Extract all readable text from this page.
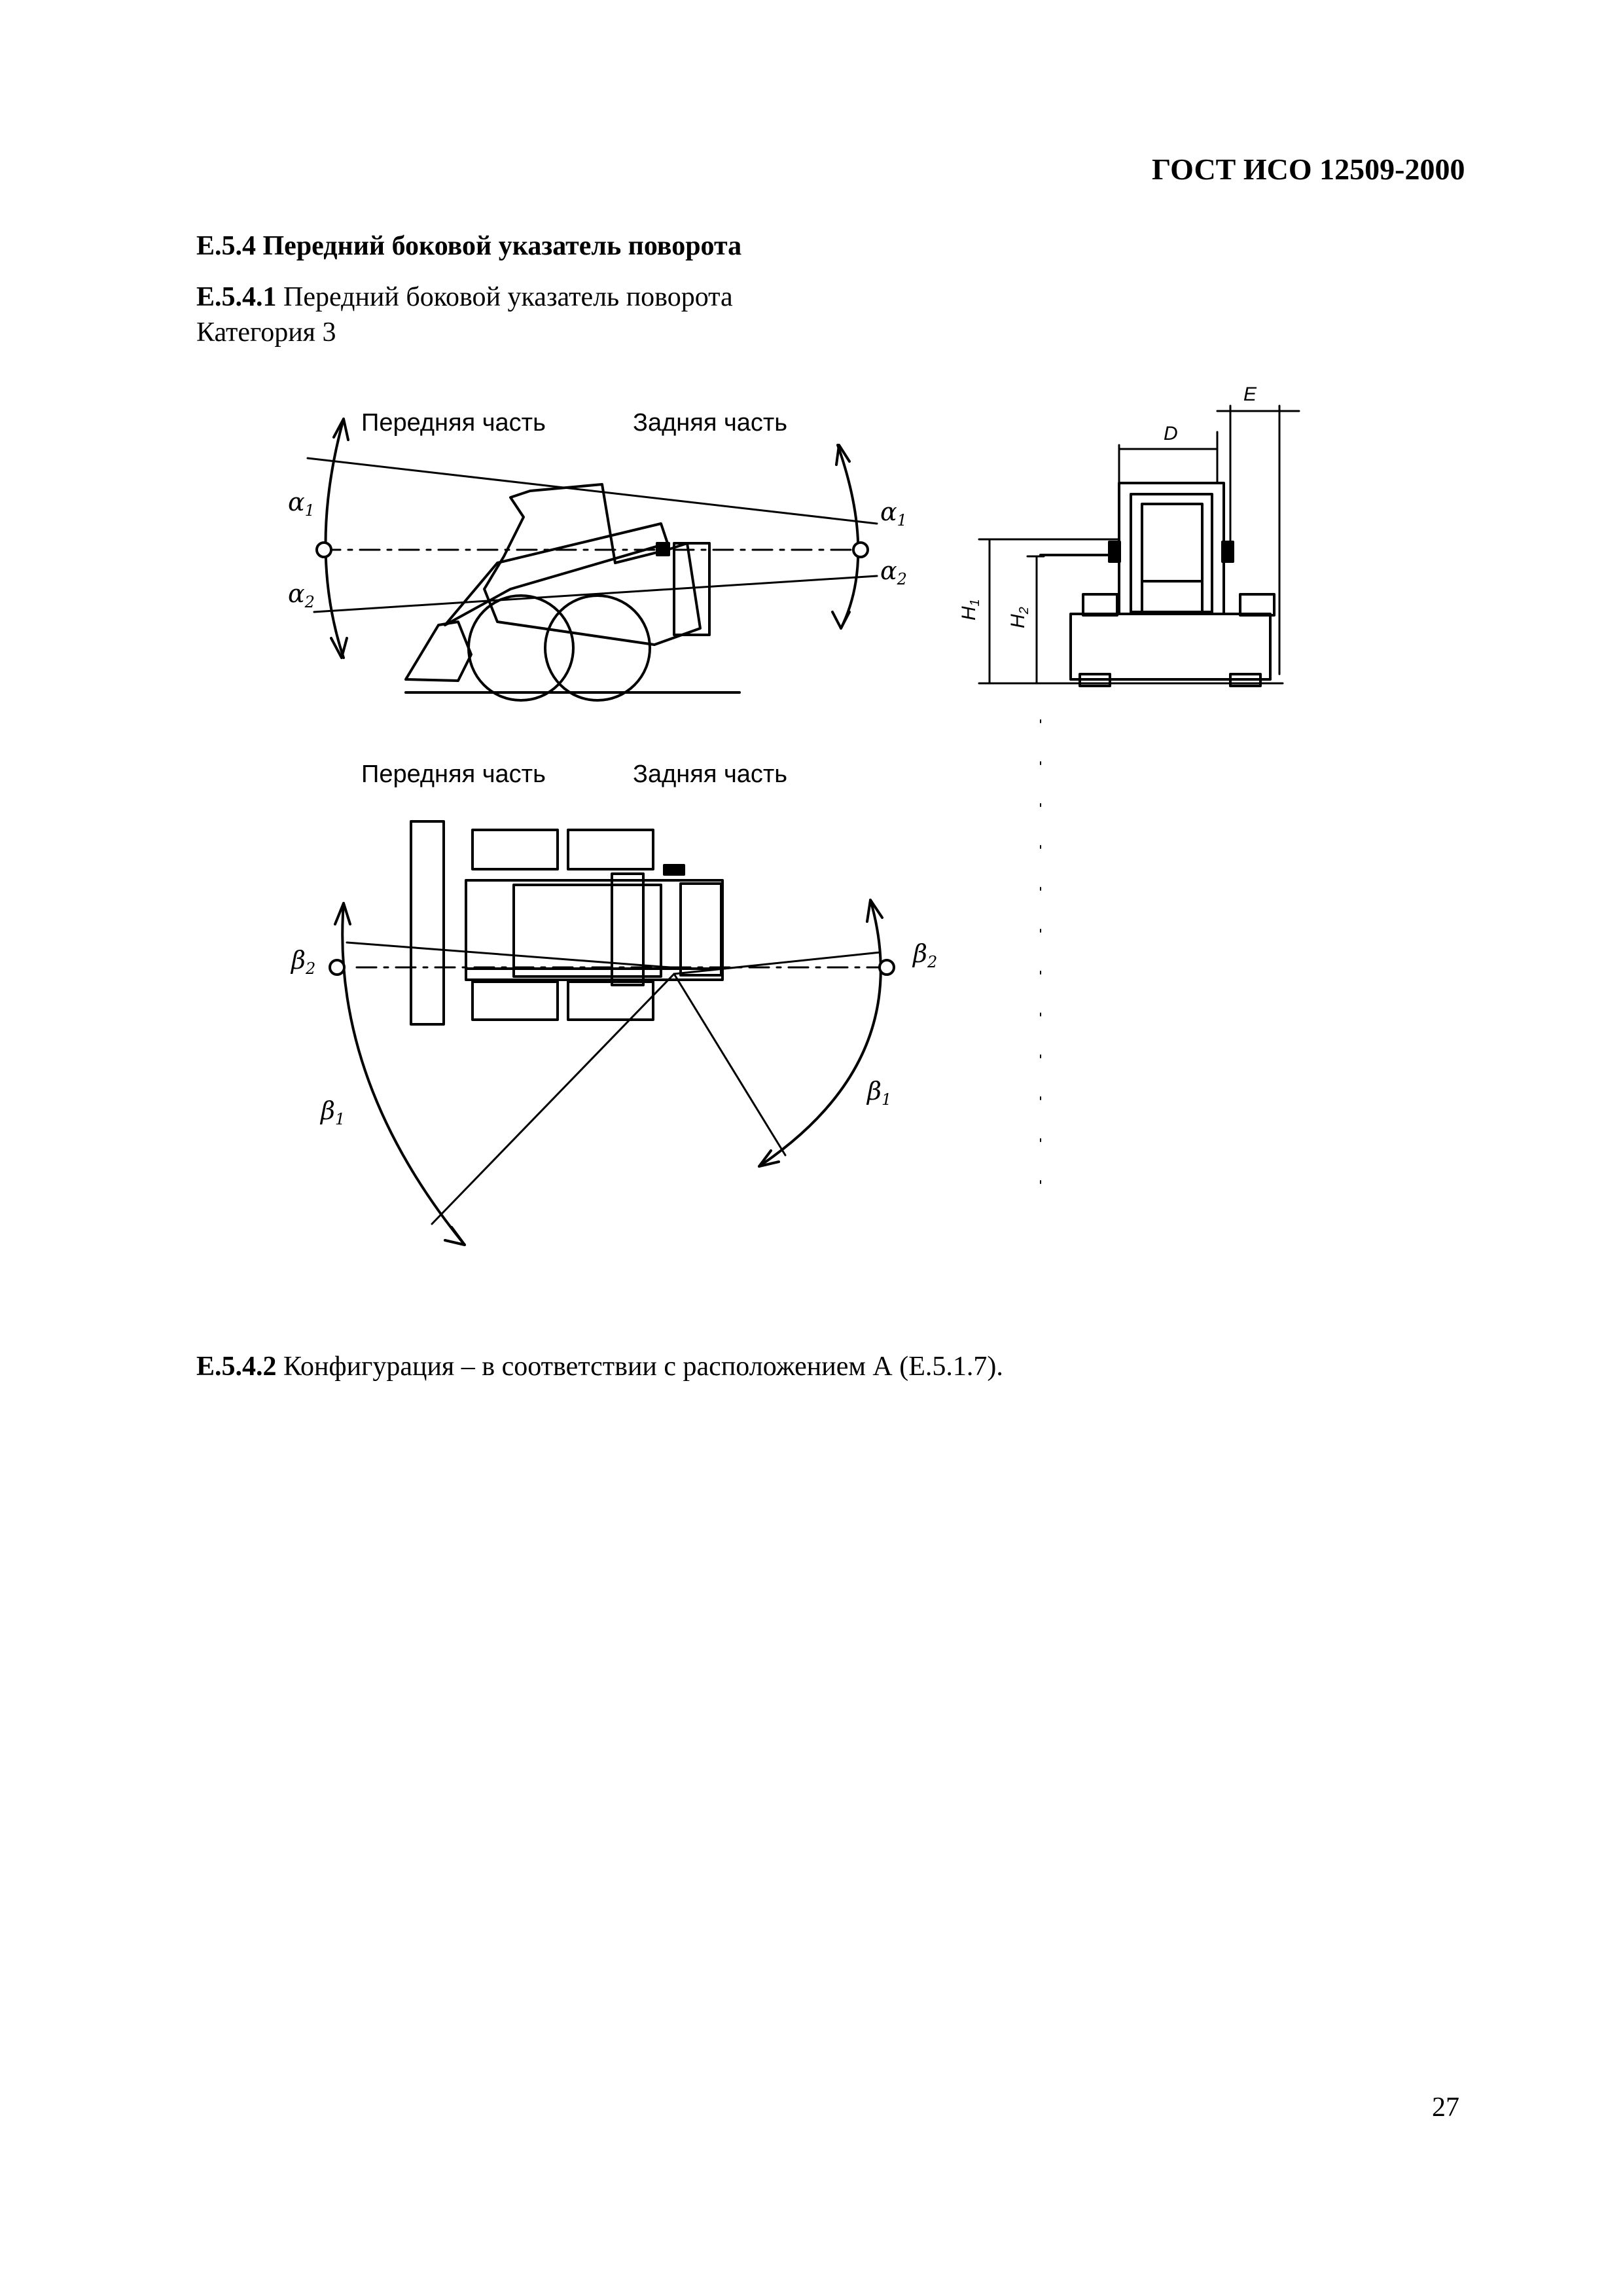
ГОСТ ИСО 12509-2000
Е.5.4 Передний боковой указатель поворота
Е.5.4.1 Передний боковой указатель поворота
Категория 3
Передняя часть	Задняя часть
$\alpha_1$
$\alpha_2$
$\alpha_1$
$\alpha_2$
E
D
$H_1$
$H_2$
Передняя часть	Задняя часть
$\beta_2$
$\beta_2$
$\beta_1$
$\beta_1$
Е.5.4.2 Конфигурация – в соответствии с расположением А (Е.5.1.7).
27
